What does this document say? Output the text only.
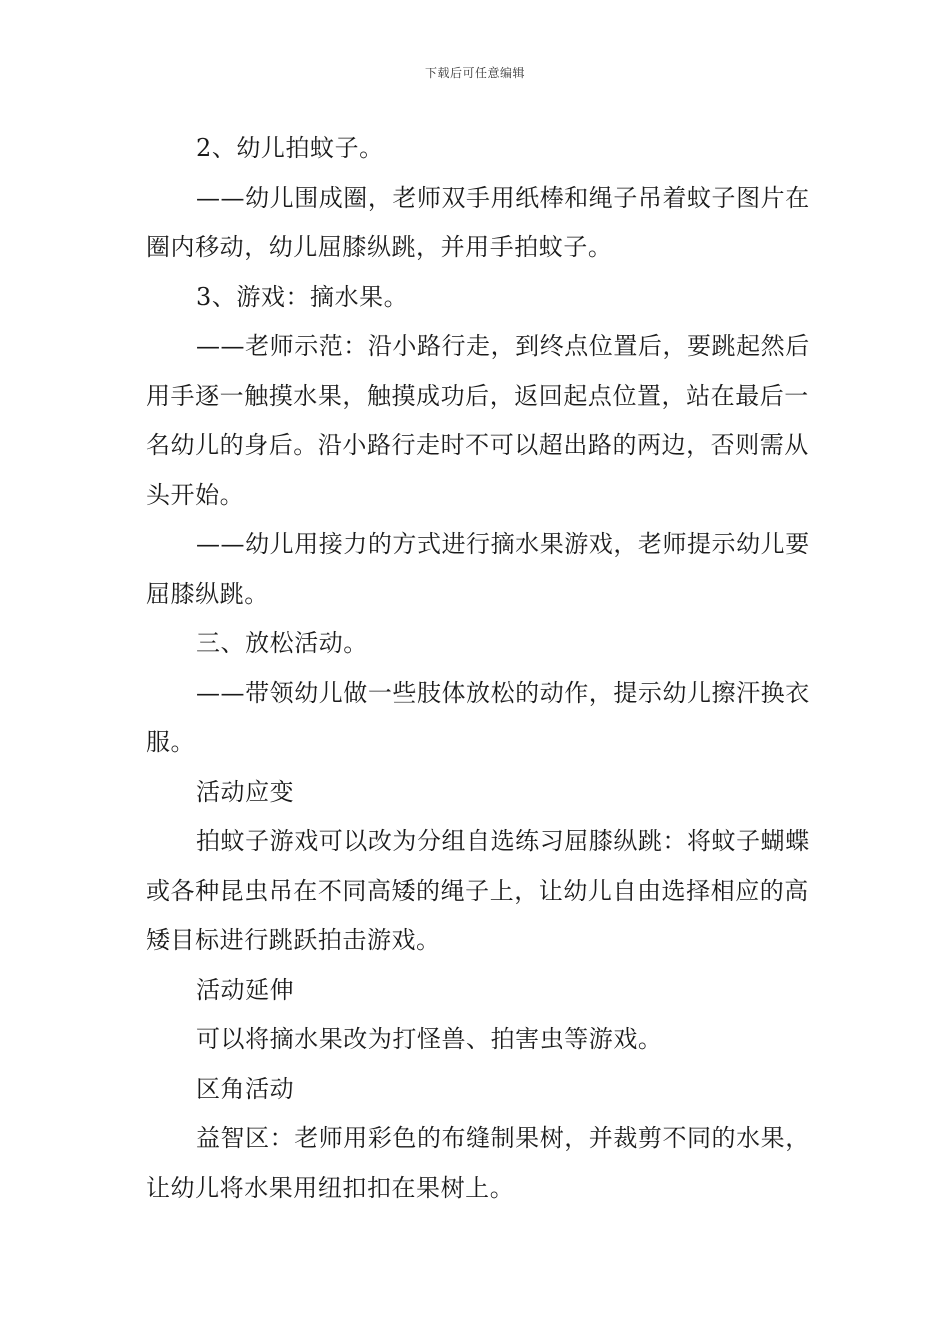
下载后可任意编辑

2、幼儿拍蚊子。

——幼儿围成圈，老师双手用纸棒和绳子吊着蚊子图片在圈内移动，幼儿屈膝纵跳，并用手拍蚊子。

3、游戏：摘水果。

——老师示范：沿小路行走，到终点位置后，要跳起然后用手逐一触摸水果，触摸成功后，返回起点位置，站在最后一名幼儿的身后。沿小路行走时不可以超出路的两边，否则需从头开始。

——幼儿用接力的方式进行摘水果游戏，老师提示幼儿要屈膝纵跳。

三、放松活动。

——带领幼儿做一些肢体放松的动作，提示幼儿擦汗换衣服。

活动应变

拍蚊子游戏可以改为分组自选练习屈膝纵跳：将蚊子蝴蝶或各种昆虫吊在不同高矮的绳子上，让幼儿自由选择相应的高矮目标进行跳跃拍击游戏。

活动延伸

可以将摘水果改为打怪兽、拍害虫等游戏。

区角活动

益智区：老师用彩色的布缝制果树，并裁剪不同的水果，让幼儿将水果用纽扣扣在果树上。
